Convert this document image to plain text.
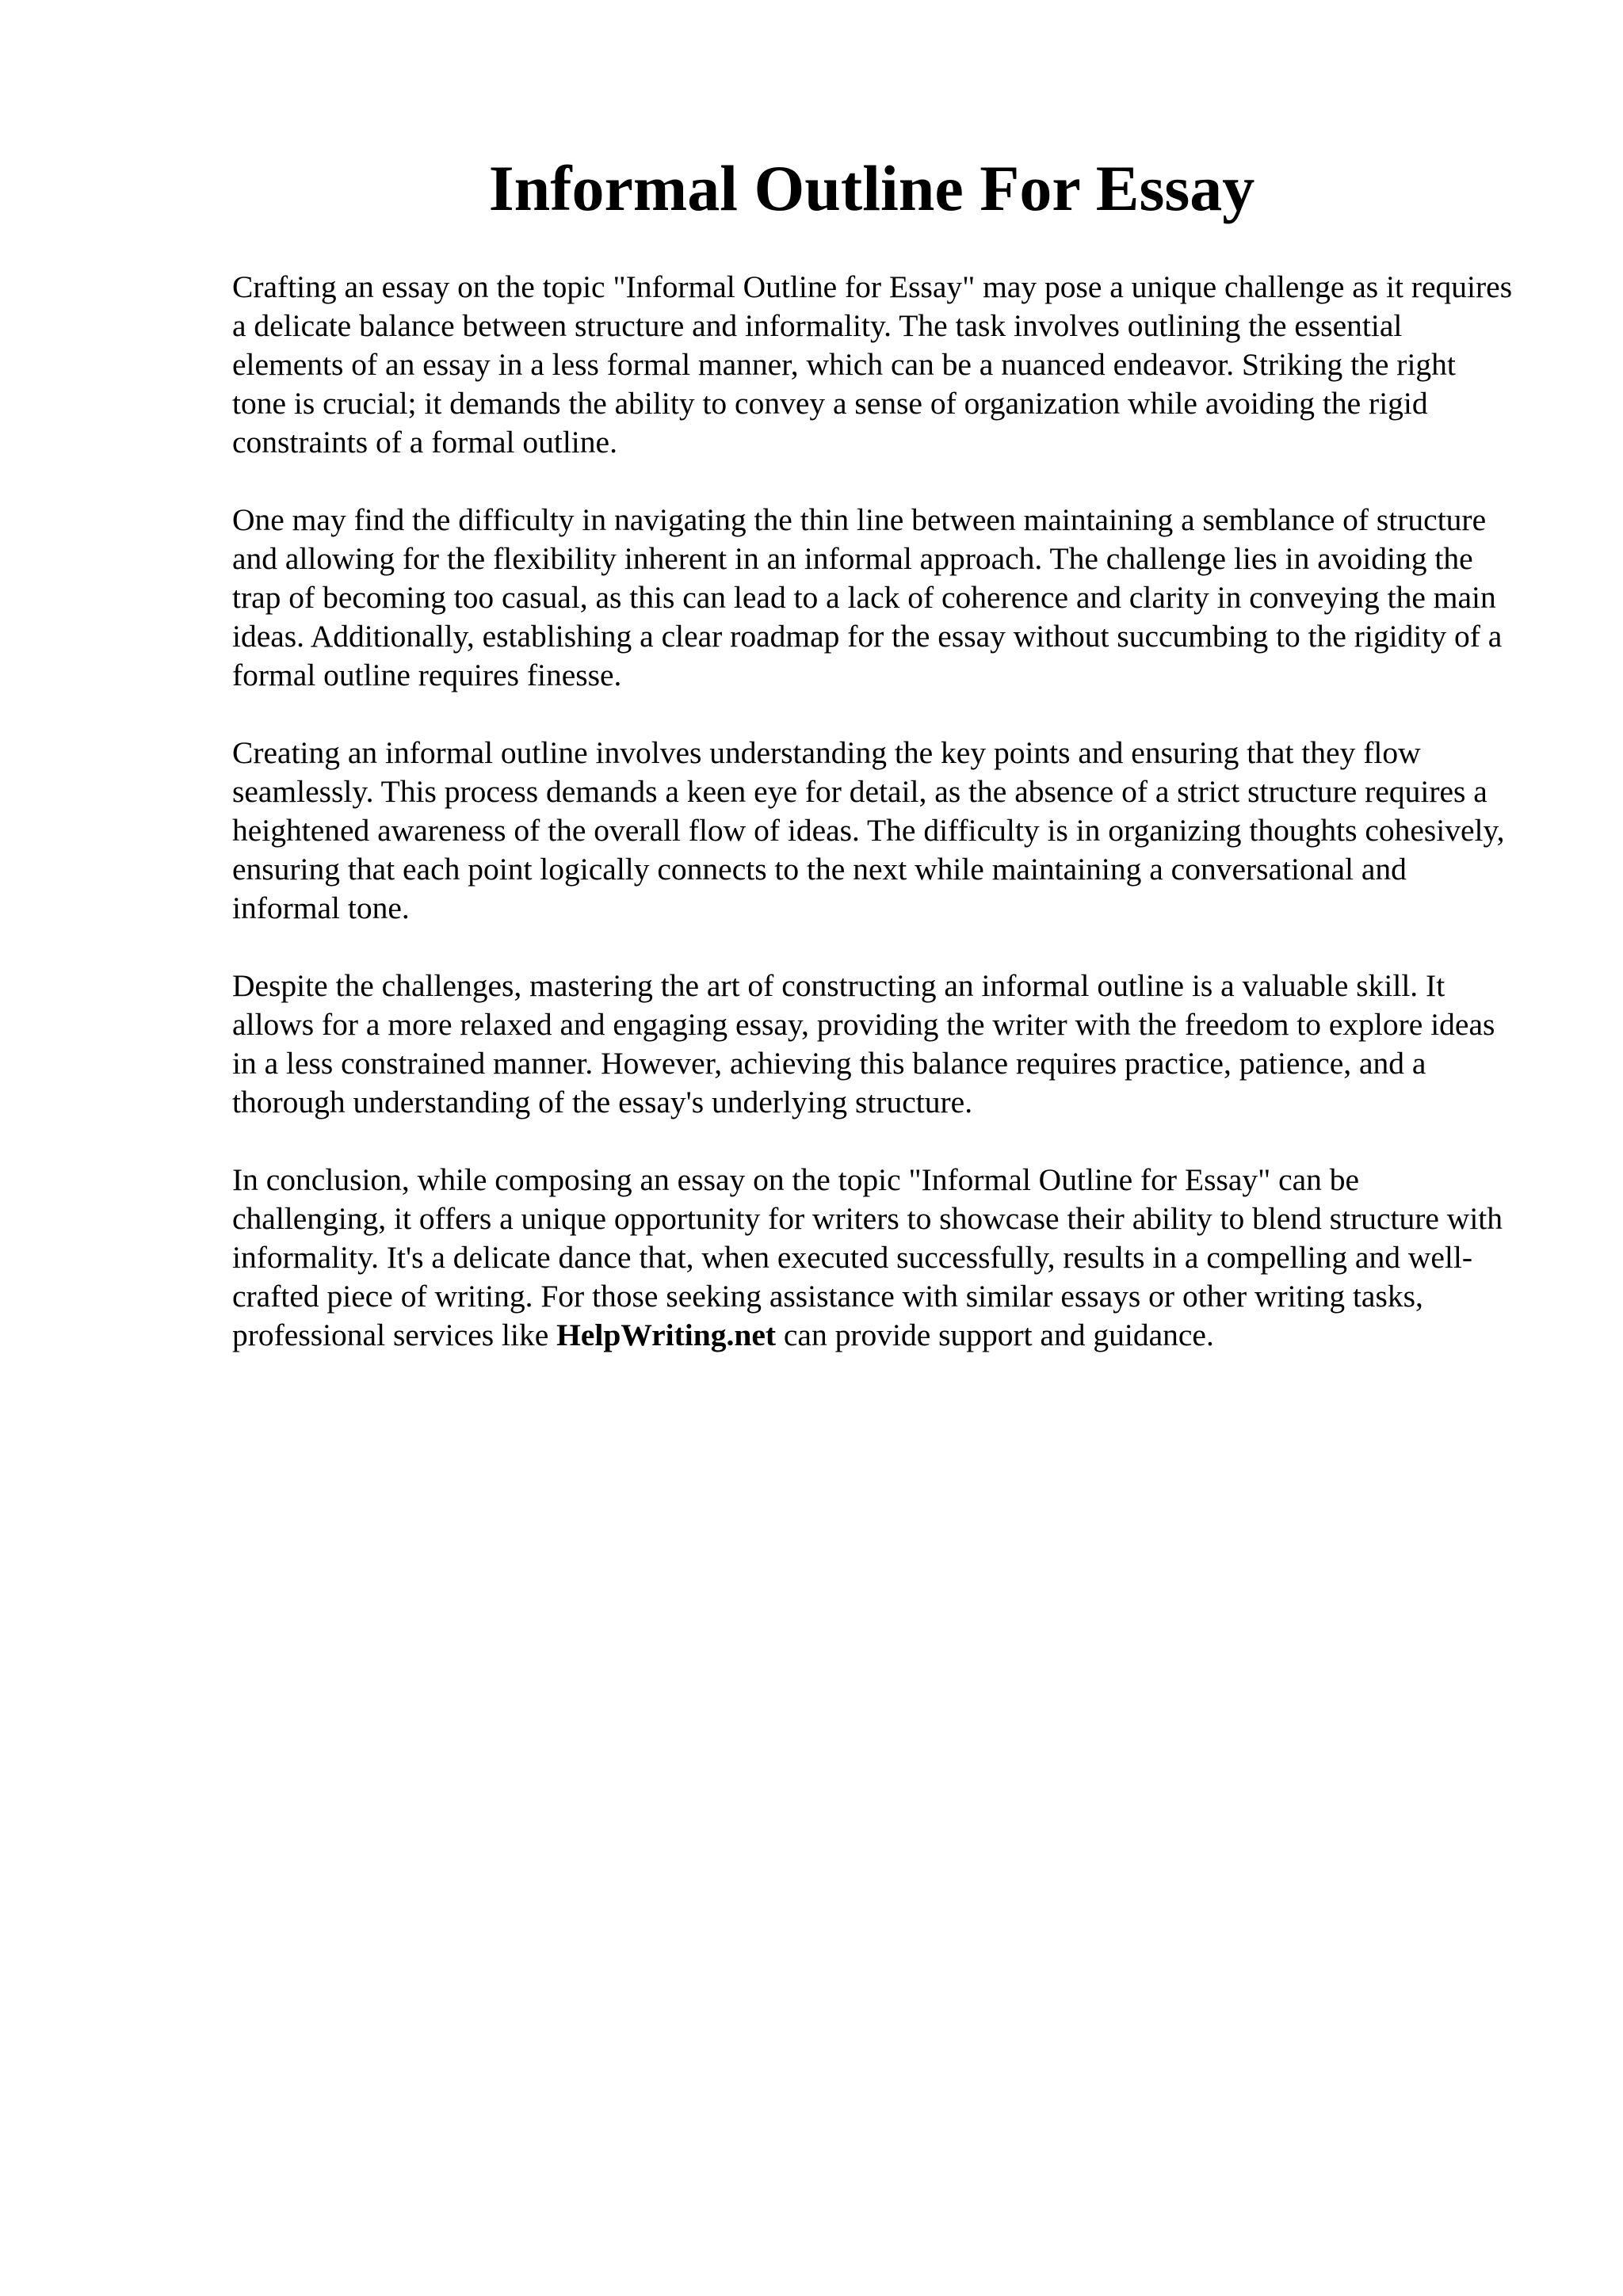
Informal Outline For Essay

Crafting an essay on the topic "Informal Outline for Essay" may pose a unique challenge as it requires a delicate balance between structure and informality. The task involves outlining the essential elements of an essay in a less formal manner, which can be a nuanced endeavor. Striking the right tone is crucial; it demands the ability to convey a sense of organization while avoiding the rigid constraints of a formal outline.

One may find the difficulty in navigating the thin line between maintaining a semblance of structure and allowing for the flexibility inherent in an informal approach. The challenge lies in avoiding the trap of becoming too casual, as this can lead to a lack of coherence and clarity in conveying the main ideas. Additionally, establishing a clear roadmap for the essay without succumbing to the rigidity of a formal outline requires finesse.

Creating an informal outline involves understanding the key points and ensuring that they flow seamlessly. This process demands a keen eye for detail, as the absence of a strict structure requires a heightened awareness of the overall flow of ideas. The difficulty is in organizing thoughts cohesively, ensuring that each point logically connects to the next while maintaining a conversational and informal tone.

Despite the challenges, mastering the art of constructing an informal outline is a valuable skill. It allows for a more relaxed and engaging essay, providing the writer with the freedom to explore ideas in a less constrained manner. However, achieving this balance requires practice, patience, and a thorough understanding of the essay's underlying structure.

In conclusion, while composing an essay on the topic "Informal Outline for Essay" can be challenging, it offers a unique opportunity for writers to showcase their ability to blend structure with informality. It's a delicate dance that, when executed successfully, results in a compelling and well-crafted piece of writing. For those seeking assistance with similar essays or other writing tasks, professional services like HelpWriting.net can provide support and guidance.
